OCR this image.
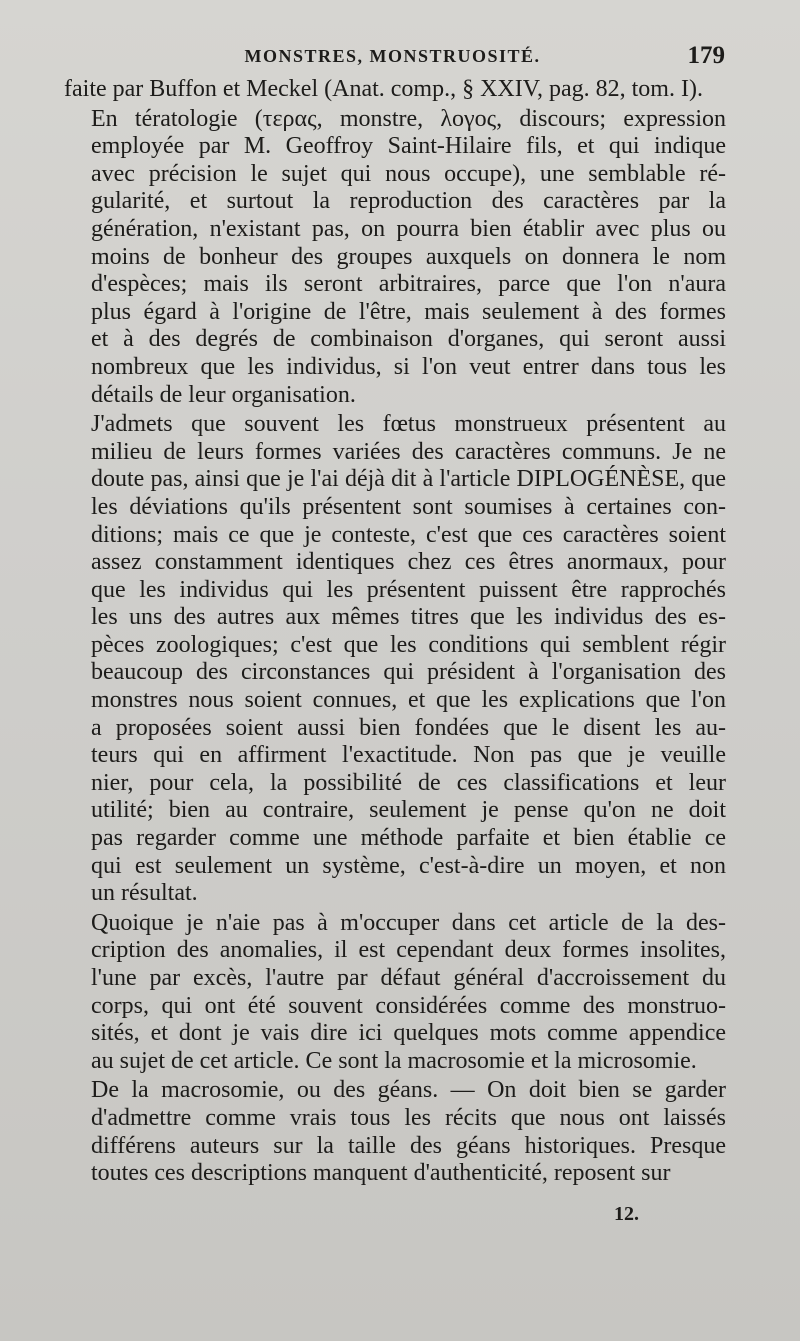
MONSTRES, MONSTRUOSITÉ.	179

faite par Buffon et Meckel (Anat. comp., § XXIV, pag. 82, tom. I).

En tératologie (τερας, monstre, λογος, discours; expression
employée par M. Geoffroy Saint-Hilaire fils, et qui indique
avec précision le sujet qui nous occupe), une semblable ré-
gularité, et surtout la reproduction des caractères par la
génération, n'existant pas, on pourra bien établir avec plus ou
moins de bonheur des groupes auxquels on donnera le nom
d'espèces; mais ils seront arbitraires, parce que l'on n'aura
plus égard à l'origine de l'être, mais seulement à des formes
et à des degrés de combinaison d'organes, qui seront aussi
nombreux que les individus, si l'on veut entrer dans tous les
détails de leur organisation.

J'admets que souvent les fœtus monstrueux présentent au
milieu de leurs formes variées des caractères communs. Je ne
doute pas, ainsi que je l'ai déjà dit à l'article DIPLOGÉNÈSE, que
les déviations qu'ils présentent sont soumises à certaines con-
ditions; mais ce que je conteste, c'est que ces caractères soient
assez constamment identiques chez ces êtres anormaux, pour
que les individus qui les présentent puissent être rapprochés
les uns des autres aux mêmes titres que les individus des es-
pèces zoologiques; c'est que les conditions qui semblent régir
beaucoup des circonstances qui président à l'organisation des
monstres nous soient connues, et que les explications que l'on
a proposées soient aussi bien fondées que le disent les au-
teurs qui en affirment l'exactitude. Non pas que je veuille
nier, pour cela, la possibilité de ces classifications et leur
utilité; bien au contraire, seulement je pense qu'on ne doit
pas regarder comme une méthode parfaite et bien établie ce
qui est seulement un système, c'est-à-dire un moyen, et non
un résultat.

Quoique je n'aie pas à m'occuper dans cet article de la des-
cription des anomalies, il est cependant deux formes insolites,
l'une par excès, l'autre par défaut général d'accroissement du
corps, qui ont été souvent considérées comme des monstruo-
sités, et dont je vais dire ici quelques mots comme appendice
au sujet de cet article. Ce sont la macrosomie et la microsomie.

De la macrosomie, ou des géans. — On doit bien se garder
d'admettre comme vrais tous les récits que nous ont laissés
différens auteurs sur la taille des géans historiques. Presque
toutes ces descriptions manquent d'authenticité, reposent sur

12.
